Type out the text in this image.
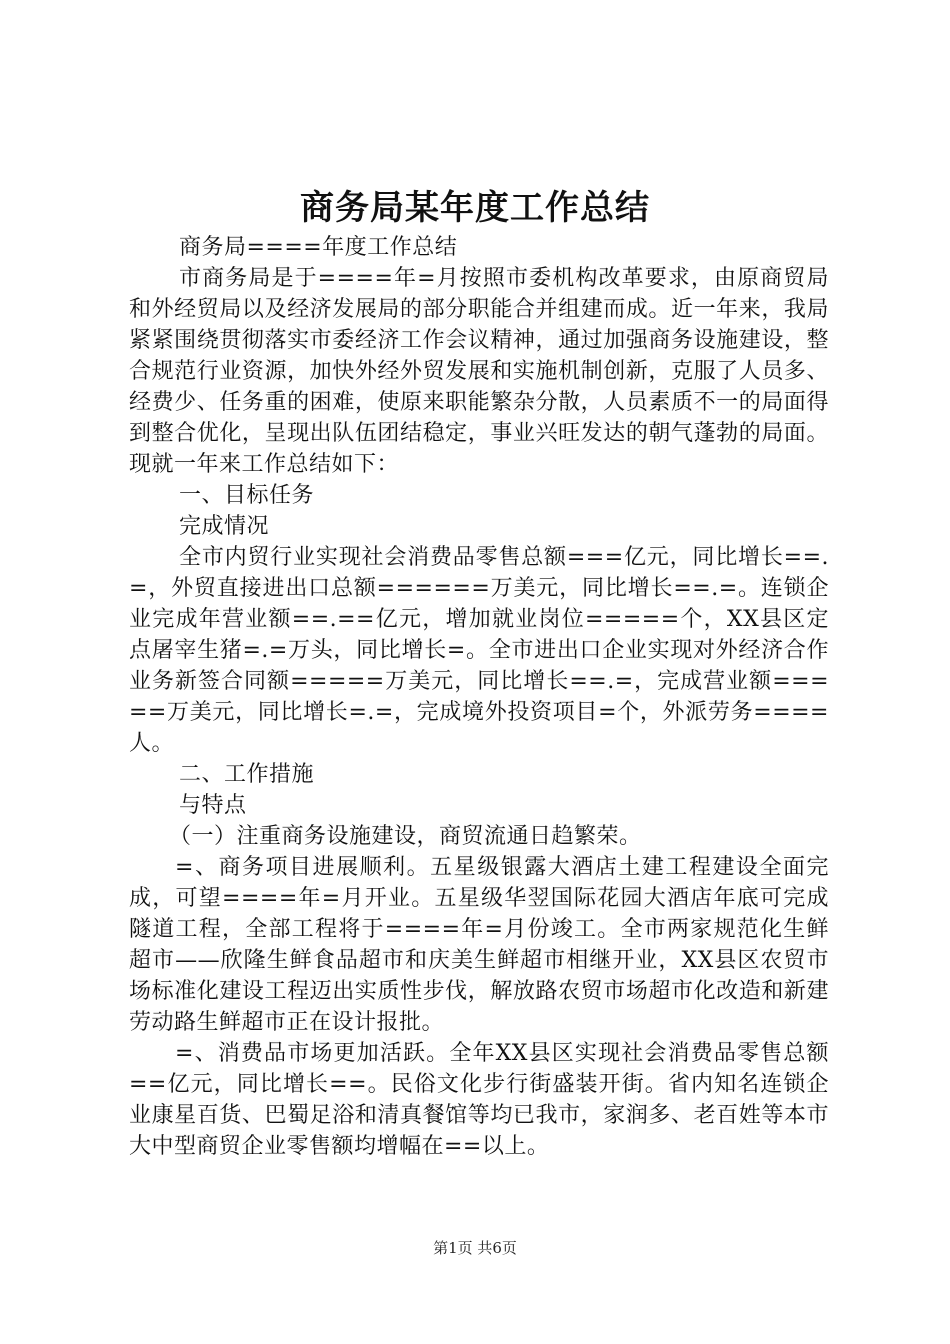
商务局某年度工作总结

商务局====年度工作总结

市商务局是于====年=月按照市委机构改革要求，由原商贸局和外经贸局以及经济发展局的部分职能合并组建而成。近一年来，我局紧紧围绕贯彻落实市委经济工作会议精神，通过加强商务设施建设，整合规范行业资源，加快外经外贸发展和实施机制创新，克服了人员多、经费少、任务重的困难，使原来职能繁杂分散，人员素质不一的局面得到整合优化，呈现出队伍团结稳定，事业兴旺发达的朝气蓬勃的局面。现就一年来工作总结如下：

一、目标任务

完成情况

全市内贸行业实现社会消费品零售总额===亿元，同比增长==.=，外贸直接进出口总额======万美元，同比增长==.=。连锁企业完成年营业额==.==亿元，增加就业岗位=====个，XX县区定点屠宰生猪=.=万头，同比增长=。全市进出口企业实现对外经济合作业务新签合同额=====万美元，同比增长==.=，完成营业额=====万美元，同比增长=.=，完成境外投资项目=个，外派劳务====人。

二、工作措施

与特点

（一）注重商务设施建设，商贸流通日趋繁荣。

=、商务项目进展顺利。五星级银露大酒店土建工程建设全面完成，可望====年=月开业。五星级华翌国际花园大酒店年底可完成隧道工程，全部工程将于====年=月份竣工。全市两家规范化生鲜超市——欣隆生鲜食品超市和庆美生鲜超市相继开业，XX县区农贸市场标准化建设工程迈出实质性步伐，解放路农贸市场超市化改造和新建劳动路生鲜超市正在设计报批。

=、消费品市场更加活跃。全年XX县区实现社会消费品零售总额==亿元，同比增长==。民俗文化步行街盛装开街。省内知名连锁企业康星百货、巴蜀足浴和清真餐馆等均已我市，家润多、老百姓等本市大中型商贸企业零售额均增幅在==以上。

第1页 共6页
